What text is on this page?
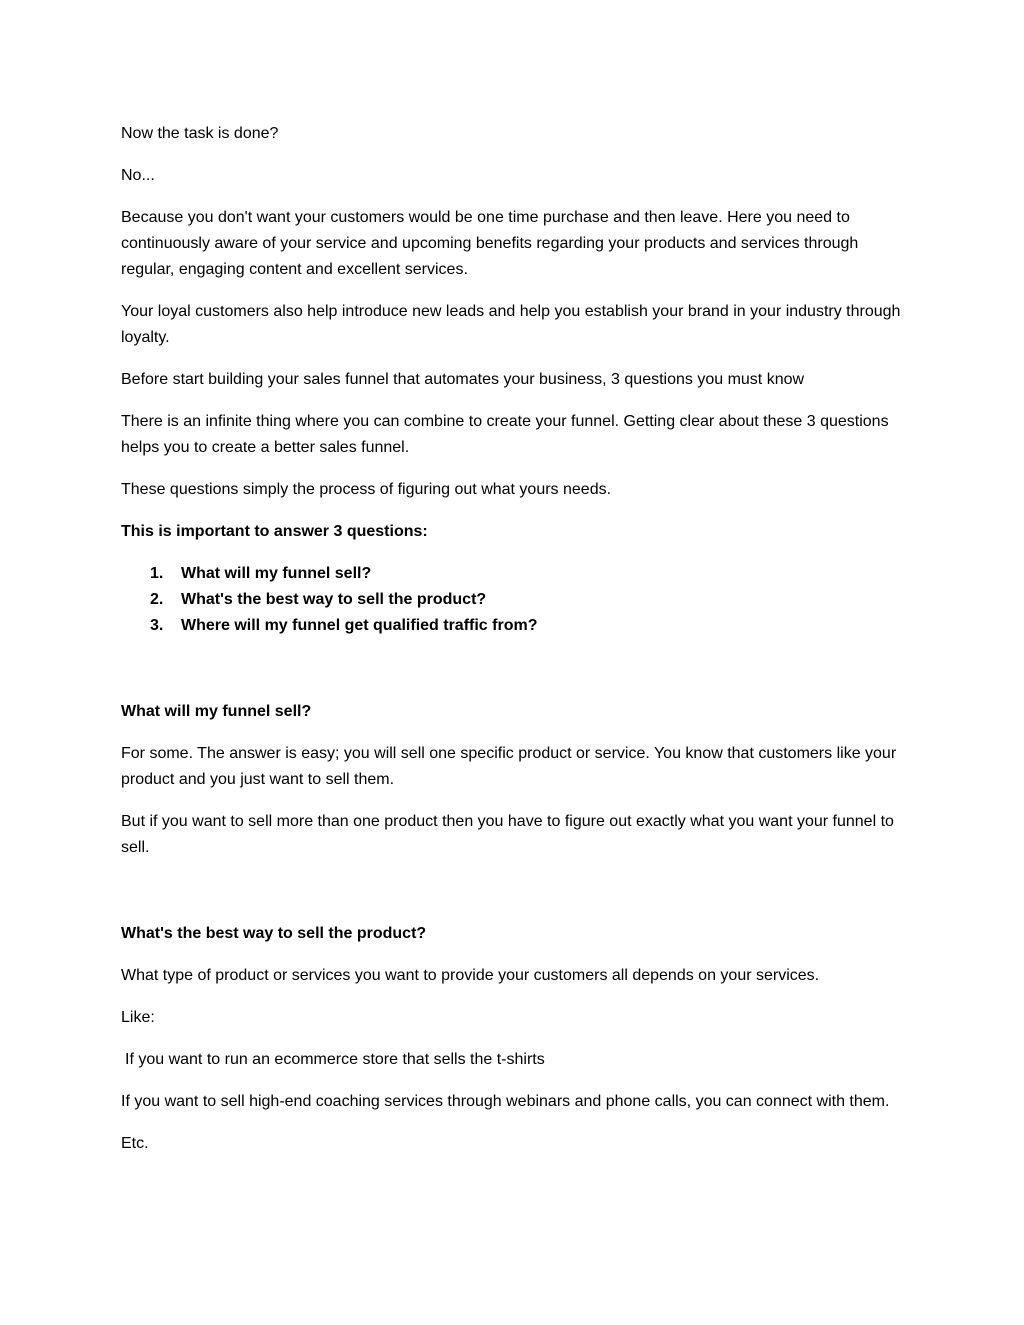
Now the task is done?

No...

Because you don't want your customers would be one time purchase and then leave. Here you need to continuously aware of your service and upcoming benefits regarding your products and services through regular, engaging content and excellent services.

Your loyal customers also help introduce new leads and help you establish your brand in your industry through loyalty.

Before start building your sales funnel that automates your business, 3 questions you must know

There is an infinite thing where you can combine to create your funnel. Getting clear about these 3 questions helps you to create a better sales funnel.

These questions simply the process of figuring out what yours needs.

This is important to answer 3 questions:

1. What will my funnel sell?
2. What's the best way to sell the product?
3. Where will my funnel get qualified traffic from?

What will my funnel sell?

For some. The answer is easy; you will sell one specific product or service. You know that customers like your product and you just want to sell them.

But if you want to sell more than one product then you have to figure out exactly what you want your funnel to sell.

What's the best way to sell the product?

What type of product or services you want to provide your customers all depends on your services.

Like:

If you want to run an ecommerce store that sells the t-shirts

If you want to sell high-end coaching services through webinars and phone calls, you can connect with them.

Etc.
